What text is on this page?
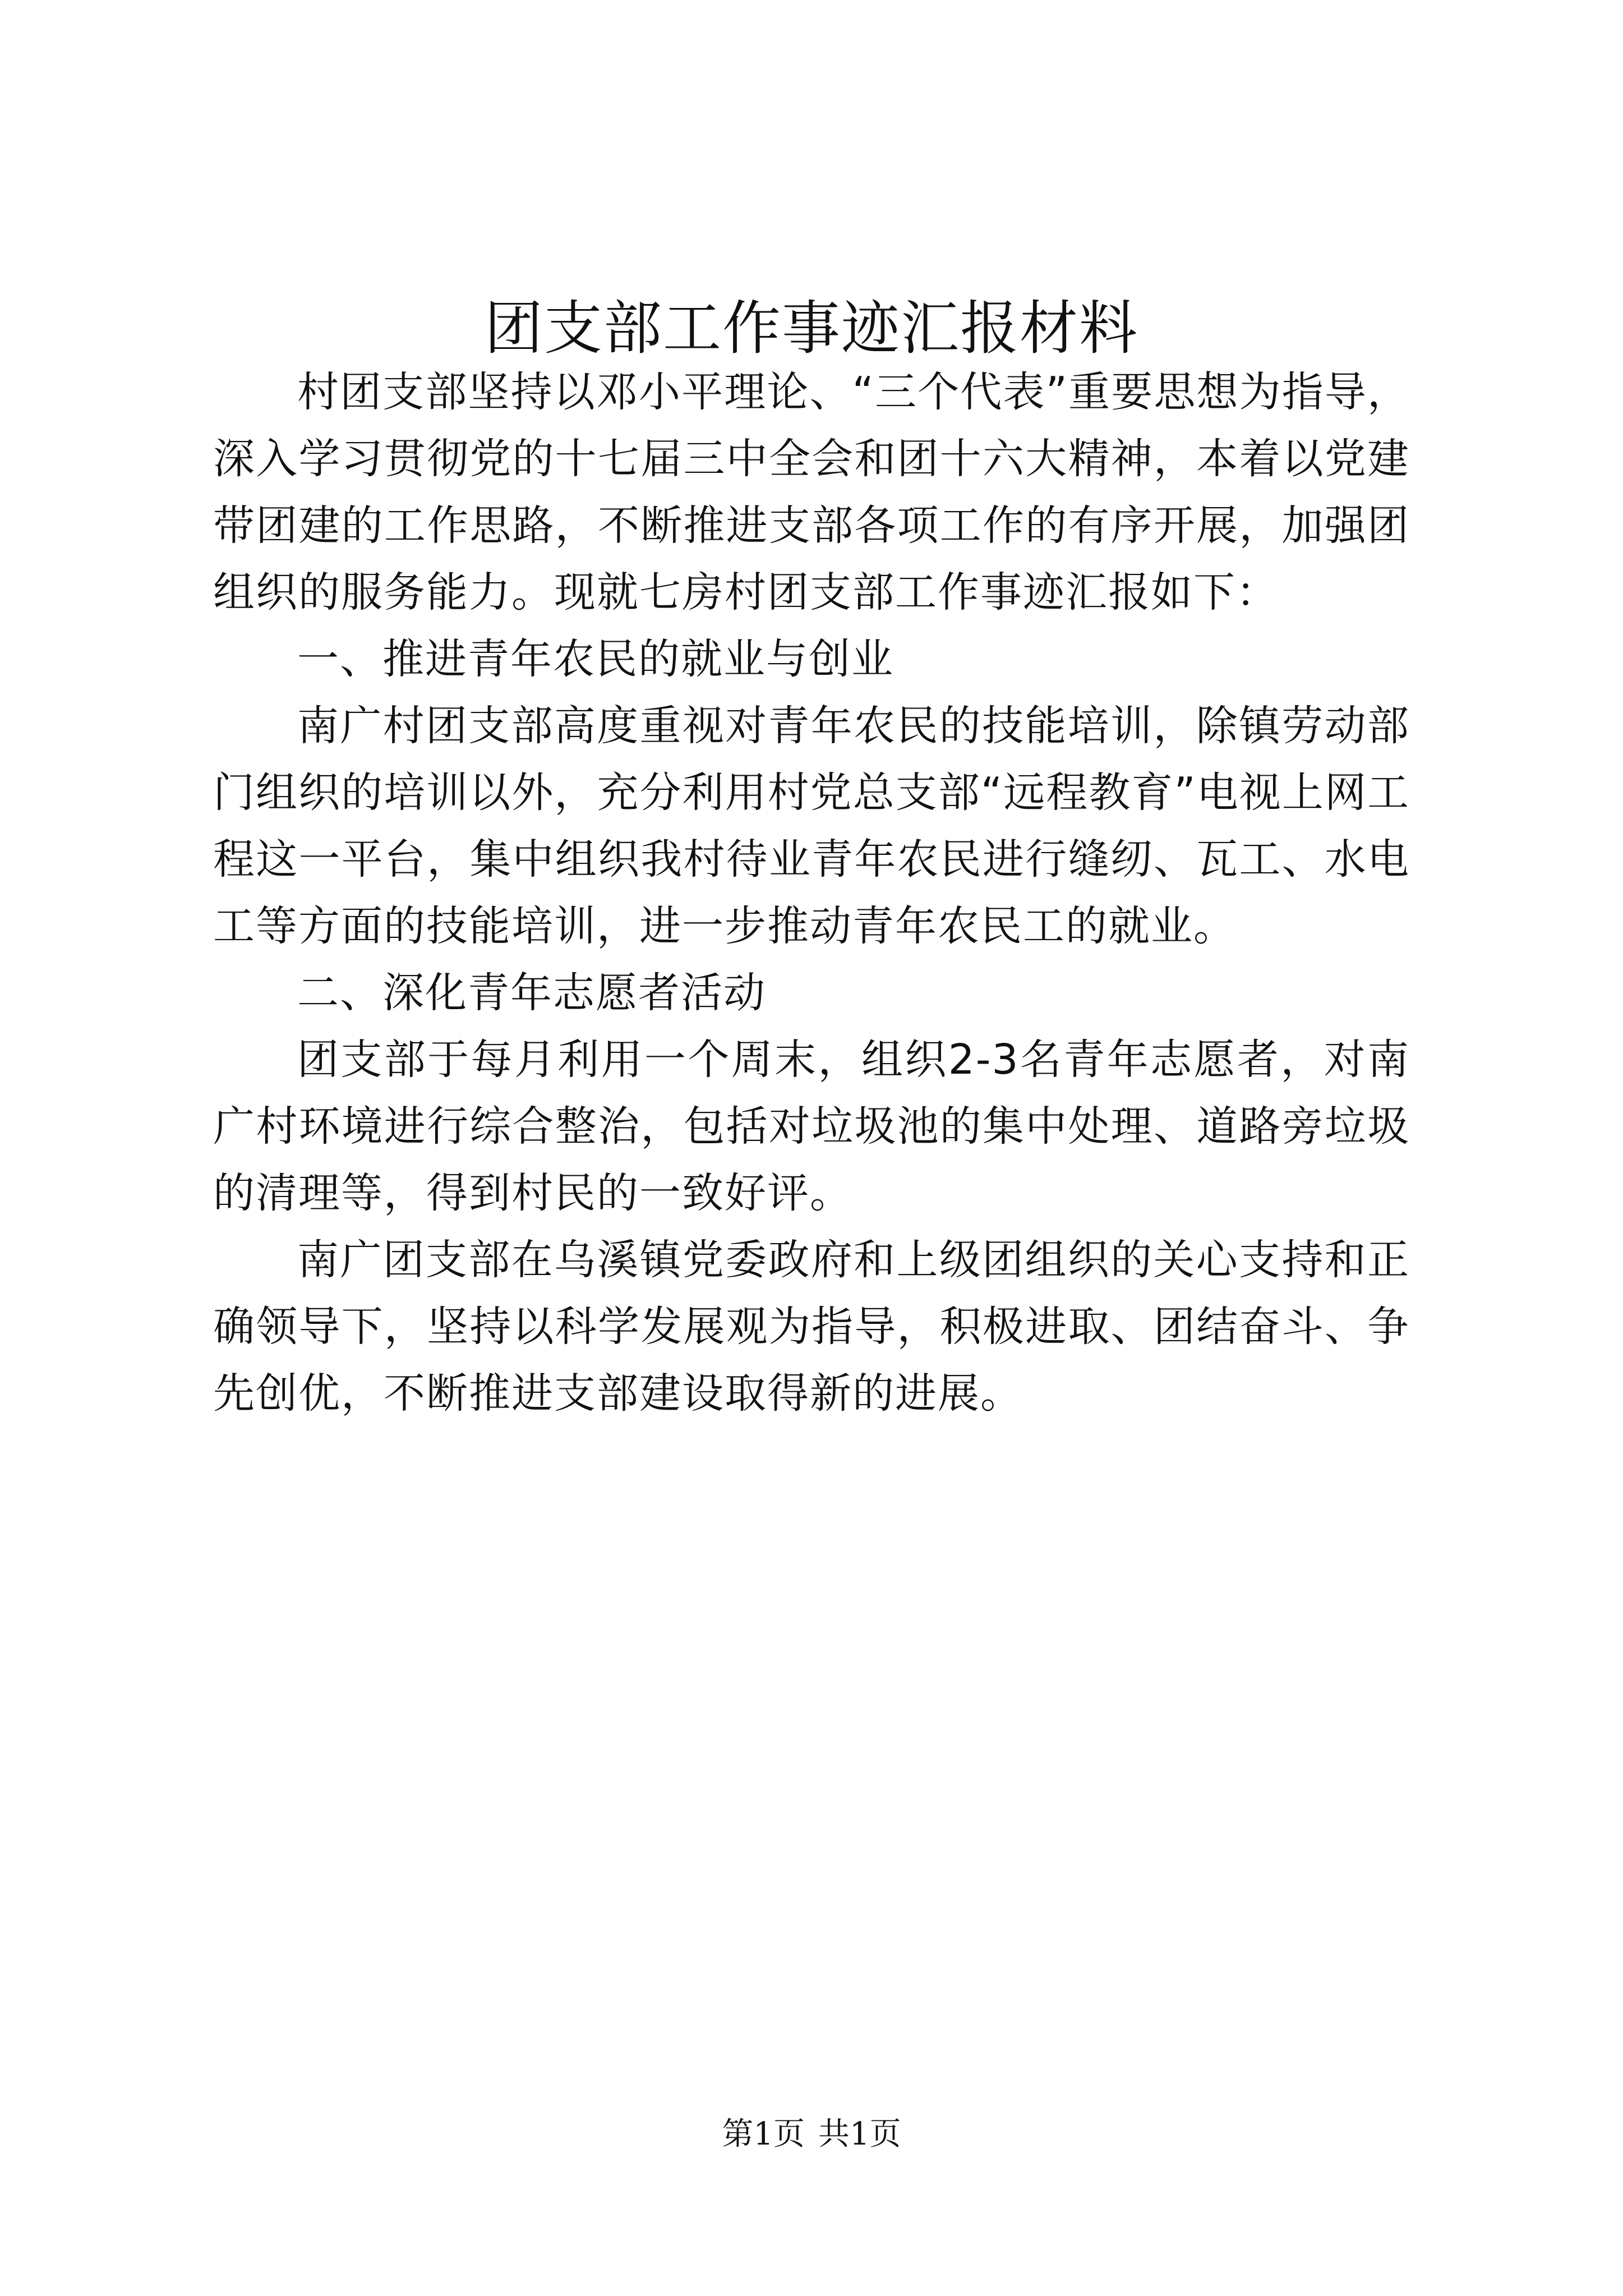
团支部工作事迹汇报材料

村团支部坚持以邓小平理论、“三个代表”重要思想为指导，深入学习贯彻党的十七届三中全会和团十六大精神，本着以党建带团建的工作思路，不断推进支部各项工作的有序开展，加强团组织的服务能力。现就七房村团支部工作事迹汇报如下：

一、推进青年农民的就业与创业

南广村团支部高度重视对青年农民的技能培训，除镇劳动部门组织的培训以外，充分利用村党总支部“远程教育”电视上网工程这一平台，集中组织我村待业青年农民进行缝纫、瓦工、水电工等方面的技能培训，进一步推动青年农民工的就业。

二、深化青年志愿者活动

团支部于每月利用一个周末，组织2-3名青年志愿者，对南广村环境进行综合整治，包括对垃圾池的集中处理、道路旁垃圾的清理等，得到村民的一致好评。

南广团支部在乌溪镇党委政府和上级团组织的关心支持和正确领导下，坚持以科学发展观为指导，积极进取、团结奋斗、争先创优，不断推进支部建设取得新的进展。

第1页 共1页
